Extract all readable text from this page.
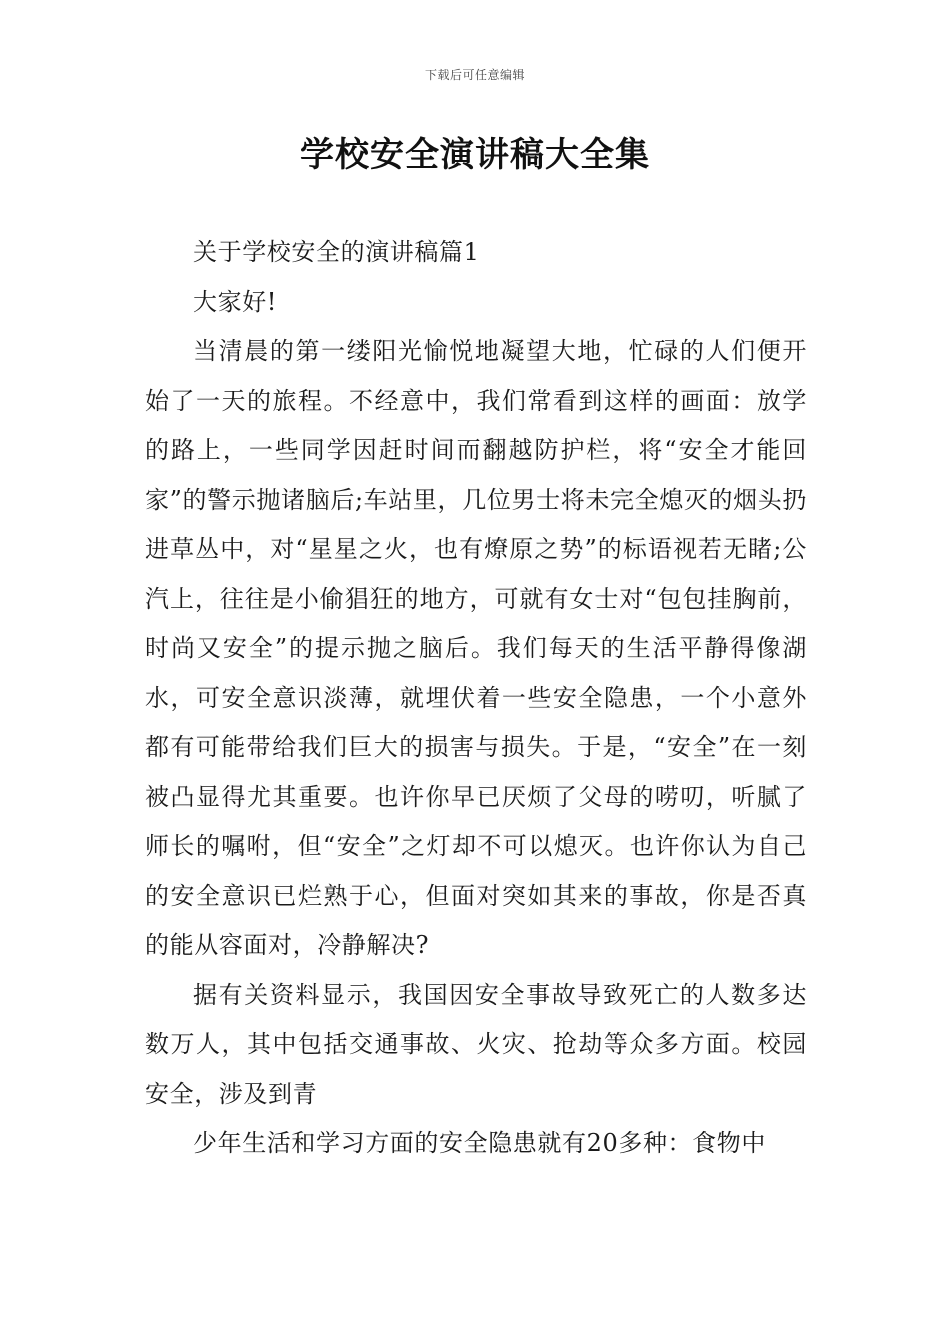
下载后可任意编辑
学校安全演讲稿大全集

关于学校安全的演讲稿篇1

大家好!

当清晨的第一缕阳光愉悦地凝望大地，忙碌的人们便开始了一天的旅程。不经意中，我们常看到这样的画面：放学的路上，一些同学因赶时间而翻越防护栏，将“安全才能回家”的警示抛诸脑后;车站里，几位男士将未完全熄灭的烟头扔进草丛中，对“星星之火，也有燎原之势”的标语视若无睹;公汽上，往往是小偷猖狂的地方，可就有女士对“包包挂胸前，时尚又安全”的提示抛之脑后。我们每天的生活平静得像湖水，可安全意识淡薄，就埋伏着一些安全隐患，一个小意外都有可能带给我们巨大的损害与损失。于是，“安全”在一刻被凸显得尤其重要。也许你早已厌烦了父母的唠叨，听腻了师长的嘱咐，但“安全”之灯却不可以熄灭。也许你认为自己的安全意识已烂熟于心，但面对突如其来的事故，你是否真的能从容面对，冷静解决?

据有关资料显示，我国因安全事故导致死亡的人数多达数万人，其中包括交通事故、火灾、抢劫等众多方面。校园安全，涉及到青

少年生活和学习方面的安全隐患就有20多种：食物中
